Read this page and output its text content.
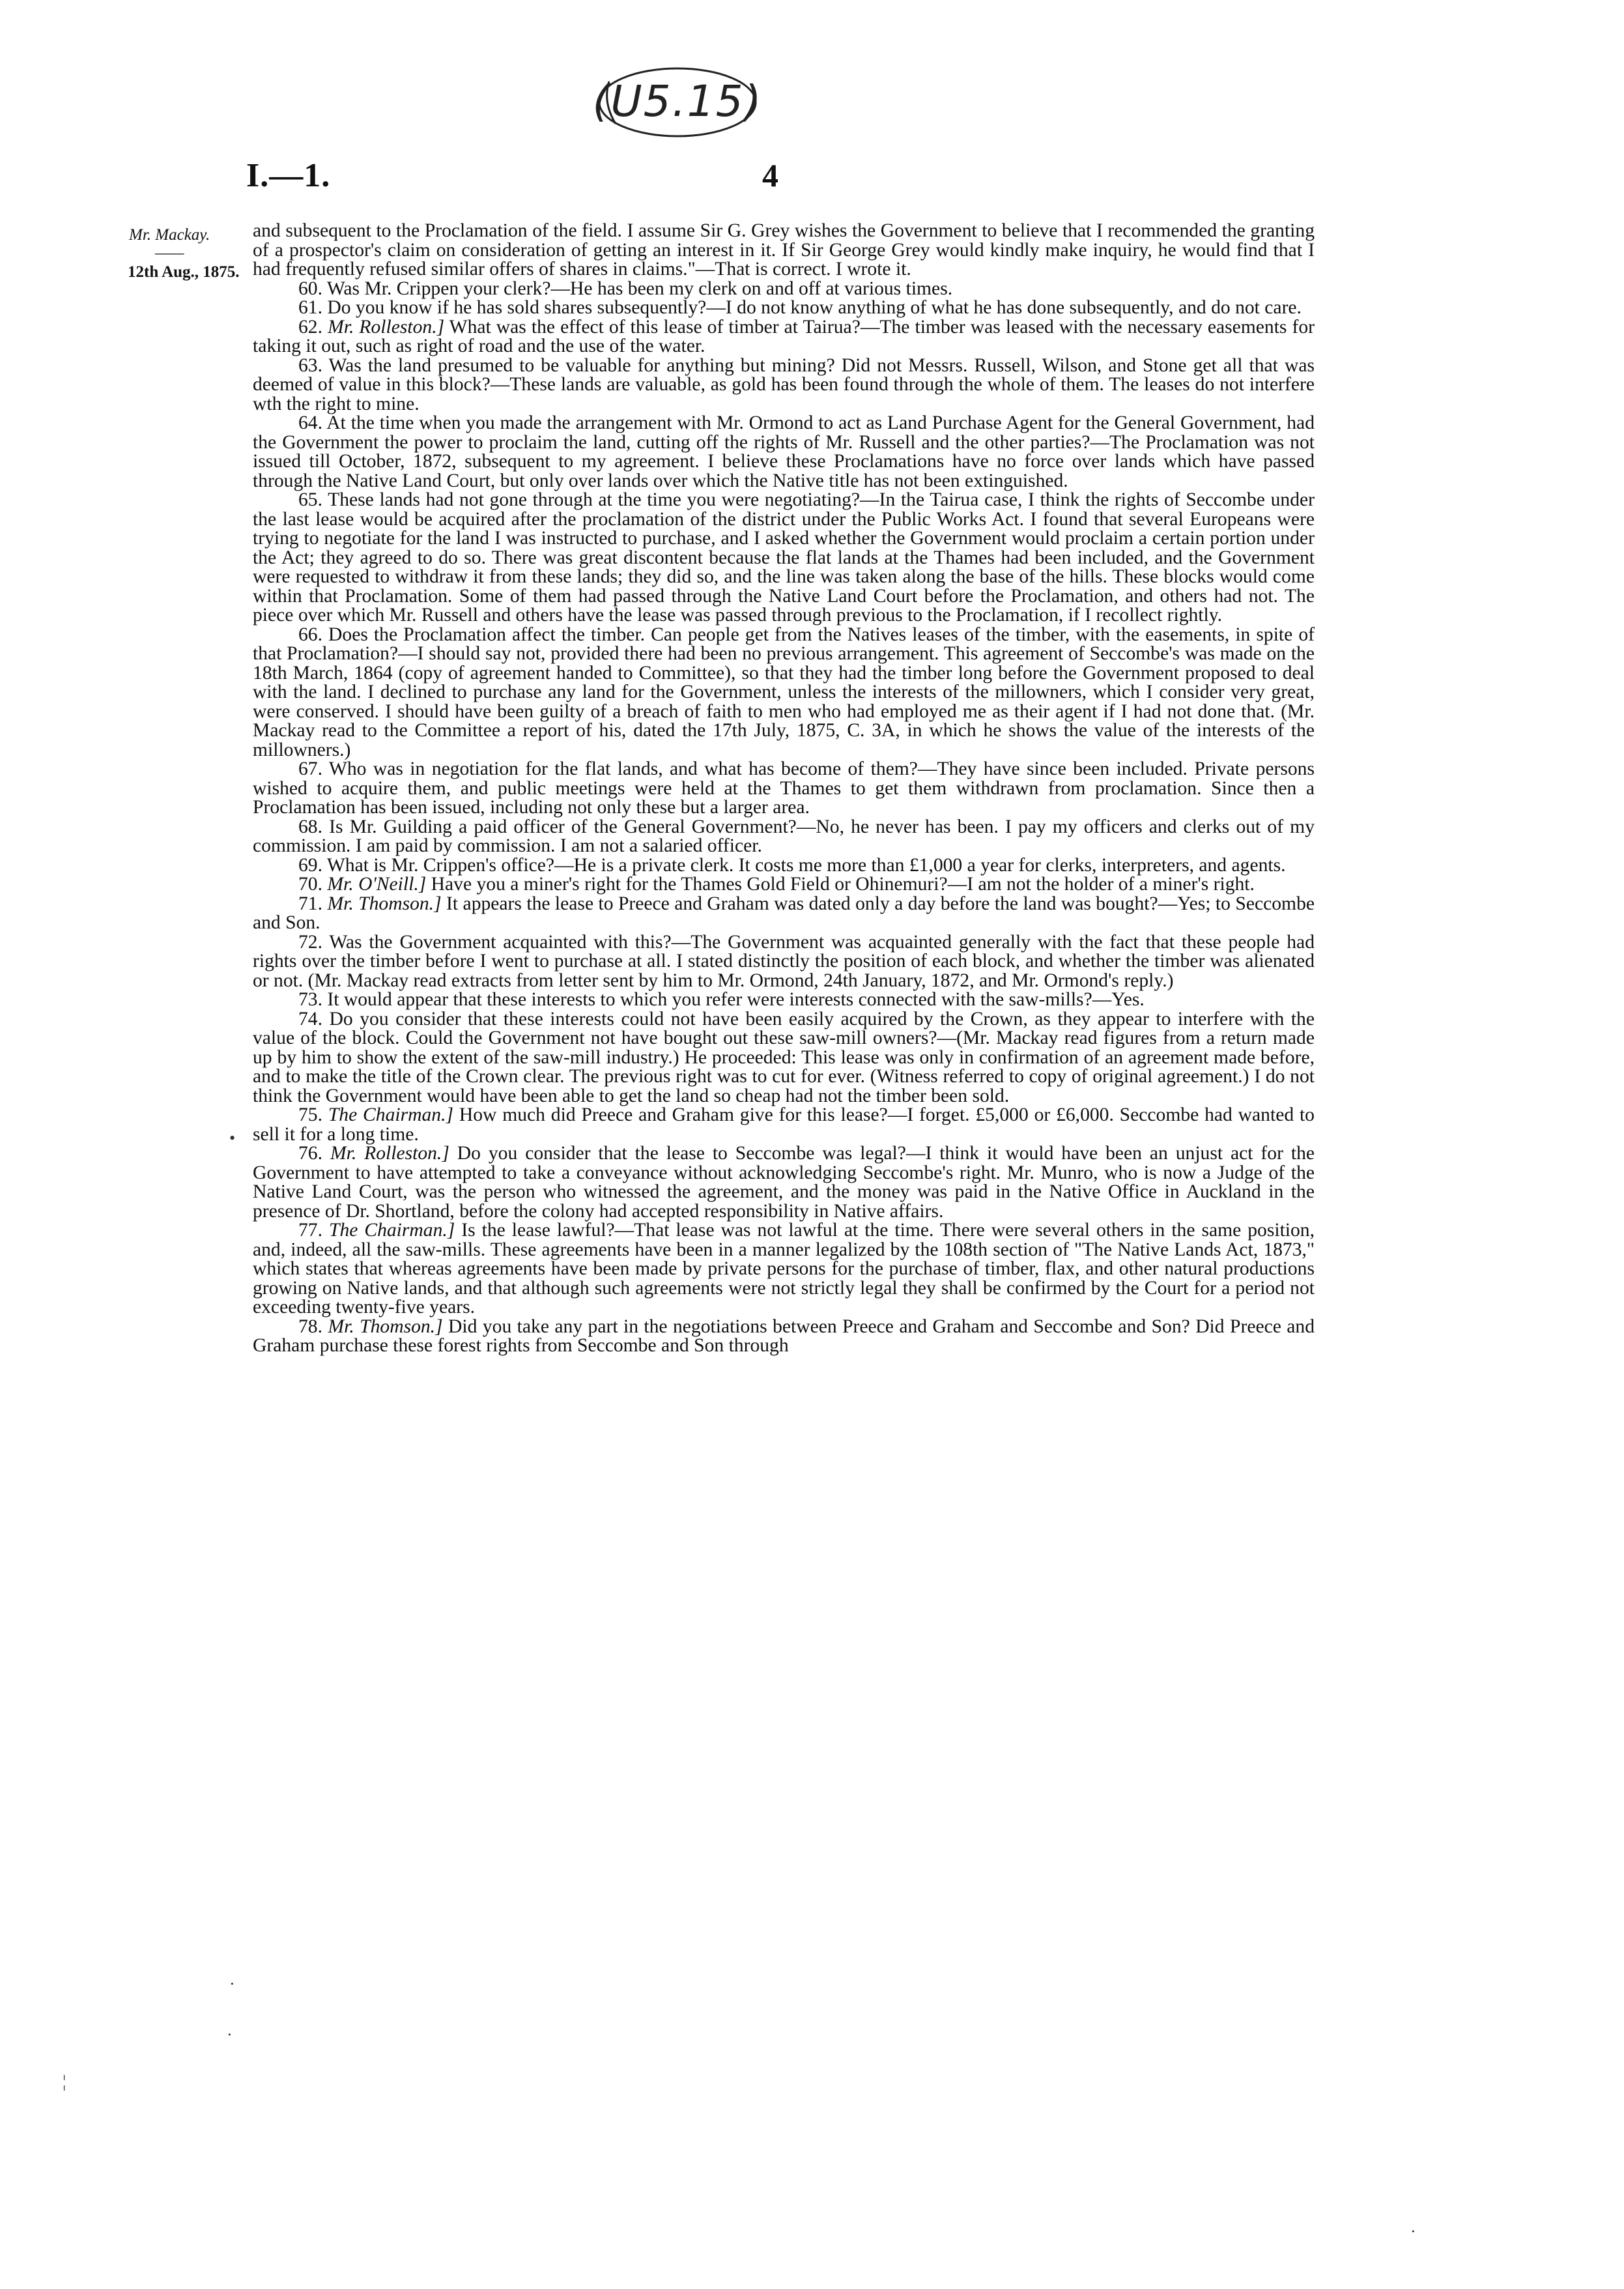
(U5.15)
I.—1.	4
Mr. Mackay.
——
12th Aug., 1875.

and subsequent to the Proclamation of the field. I assume Sir G. Grey wishes the Government to believe that I recommended the granting of a prospector's claim on consideration of getting an interest in it. If Sir George Grey would kindly make inquiry, he would find that I had frequently refused similar offers of shares in claims."—That is correct. I wrote it.

60. Was Mr. Crippen your clerk?—He has been my clerk on and off at various times.

61. Do you know if he has sold shares subsequently?—I do not know anything of what he has done subsequently, and do not care.

62. Mr. Rolleston.] What was the effect of this lease of timber at Tairua?—The timber was leased with the necessary easements for taking it out, such as right of road and the use of the water.

63. Was the land presumed to be valuable for anything but mining? Did not Messrs. Russell, Wilson, and Stone get all that was deemed of value in this block?—These lands are valuable, as gold has been found through the whole of them. The leases do not interfere wth the right to mine.

64. At the time when you made the arrangement with Mr. Ormond to act as Land Purchase Agent for the General Government, had the Government the power to proclaim the land, cutting off the rights of Mr. Russell and the other parties?—The Proclamation was not issued till October, 1872, subsequent to my agreement. I believe these Proclamations have no force over lands which have passed through the Native Land Court, but only over lands over which the Native title has not been extinguished.

65. These lands had not gone through at the time you were negotiating?—In the Tairua case, I think the rights of Seccombe under the last lease would be acquired after the proclamation of the district under the Public Works Act. I found that several Europeans were trying to negotiate for the land I was instructed to purchase, and I asked whether the Government would proclaim a certain portion under the Act; they agreed to do so. There was great discontent because the flat lands at the Thames had been included, and the Government were requested to withdraw it from these lands; they did so, and the line was taken along the base of the hills. These blocks would come within that Proclamation. Some of them had passed through the Native Land Court before the Proclamation, and others had not. The piece over which Mr. Russell and others have the lease was passed through previous to the Proclamation, if I recollect rightly.

66. Does the Proclamation affect the timber. Can people get from the Natives leases of the timber, with the easements, in spite of that Proclamation?—I should say not, provided there had been no previous arrangement. This agreement of Seccombe's was made on the 18th March, 1864 (copy of agreement handed to Committee), so that they had the timber long before the Government proposed to deal with the land. I declined to purchase any land for the Government, unless the interests of the millowners, which I consider very great, were conserved. I should have been guilty of a breach of faith to men who had employed me as their agent if I had not done that. (Mr. Mackay read to the Committee a report of his, dated the 17th July, 1875, C. 3A, in which he shows the value of the interests of the millowners.)

67. Who was in negotiation for the flat lands, and what has become of them?—They have since been included. Private persons wished to acquire them, and public meetings were held at the Thames to get them withdrawn from proclamation. Since then a Proclamation has been issued, including not only these but a larger area.

68. Is Mr. Guilding a paid officer of the General Government?—No, he never has been. I pay my officers and clerks out of my commission. I am paid by commission. I am not a salaried officer.

69. What is Mr. Crippen's office?—He is a private clerk. It costs me more than £1,000 a year for clerks, interpreters, and agents.

70. Mr. O'Neill.] Have you a miner's right for the Thames Gold Field or Ohinemuri?—I am not the holder of a miner's right.

71. Mr. Thomson.] It appears the lease to Preece and Graham was dated only a day before the land was bought?—Yes; to Seccombe and Son.

72. Was the Government acquainted with this?—The Government was acquainted generally with the fact that these people had rights over the timber before I went to purchase at all. I stated distinctly the position of each block, and whether the timber was alienated or not. (Mr. Mackay read extracts from letter sent by him to Mr. Ormond, 24th January, 1872, and Mr. Ormond's reply.)

73. It would appear that these interests to which you refer were interests connected with the saw-mills?—Yes.

74. Do you consider that these interests could not have been easily acquired by the Crown, as they appear to interfere with the value of the block. Could the Government not have bought out these saw-mill owners?—(Mr. Mackay read figures from a return made up by him to show the extent of the saw-mill industry.) He proceeded: This lease was only in confirmation of an agreement made before, and to make the title of the Crown clear. The previous right was to cut for ever. (Witness referred to copy of original agreement.) I do not think the Government would have been able to get the land so cheap had not the timber been sold.

75. The Chairman.] How much did Preece and Graham give for this lease?—I forget. £5,000 or £6,000. Seccombe had wanted to sell it for a long time.

76. Mr. Rolleston.] Do you consider that the lease to Seccombe was legal?—I think it would have been an unjust act for the Government to have attempted to take a conveyance without acknowledging Seccombe's right. Mr. Munro, who is now a Judge of the Native Land Court, was the person who witnessed the agreement, and the money was paid in the Native Office in Auckland in the presence of Dr. Shortland, before the colony had accepted responsibility in Native affairs.

77. The Chairman.] Is the lease lawful?—That lease was not lawful at the time. There were several others in the same position, and, indeed, all the saw-mills. These agreements have been in a manner legalized by the 108th section of "The Native Lands Act, 1873," which states that whereas agreements have been made by private persons for the purchase of timber, flax, and other natural productions growing on Native lands, and that although such agreements were not strictly legal they shall be confirmed by the Court for a period not exceeding twenty-five years.

78. Mr. Thomson.] Did you take any part in the negotiations between Preece and Graham and Seccombe and Son? Did Preece and Graham purchase these forest rights from Seccombe and Son through

•
¦
·
·
·
